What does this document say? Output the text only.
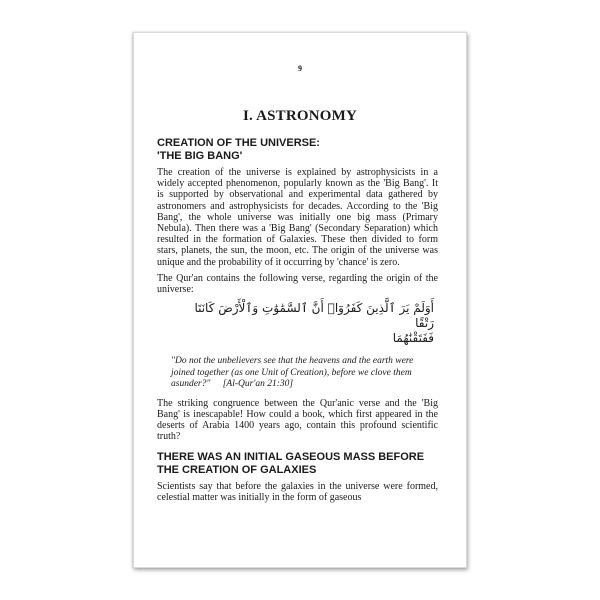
9
I. ASTRONOMY
CREATION OF THE UNIVERSE:
'THE BIG BANG'

The creation of the universe is explained by astrophysicists in a widely accepted phenomenon, popularly known as the 'Big Bang'. It is supported by observational and experimental data gathered by astronomers and astrophysicists for decades. According to the 'Big Bang', the whole universe was initially one big mass (Primary Nebula). Then there was a 'Big Bang' (Secondary Separation) which resulted in the formation of Galaxies. These then divided to form stars, planets, the sun, the moon, etc. The origin of the universe was unique and the probability of it occurring by 'chance' is zero.

The Qur'an contains the following verse, regarding the origin of the universe:

أَوَلَمْ يَرَ ٱلَّذِينَ كَفَرُوٓا۟ أَنَّ ٱلسَّمَٰوَٰتِ وَٱلْأَرْضَ كَانَتَا رَتْقًا
فَفَتَقْنَٰهُمَا
"Do not the unbelievers see that the heavens and the earth were joined together (as one Unit of Creation), before we clove them asunder?" [Al-Qur'an 21:30]

The striking congruence between the Qur'anic verse and the 'Big Bang' is inescapable! How could a book, which first appeared in the deserts of Arabia 1400 years ago, contain this profound scientific truth?

THERE WAS AN INITIAL GASEOUS MASS BEFORE
THE CREATION OF GALAXIES

Scientists say that before the galaxies in the universe were formed, celestial matter was initially in the form of gaseous
